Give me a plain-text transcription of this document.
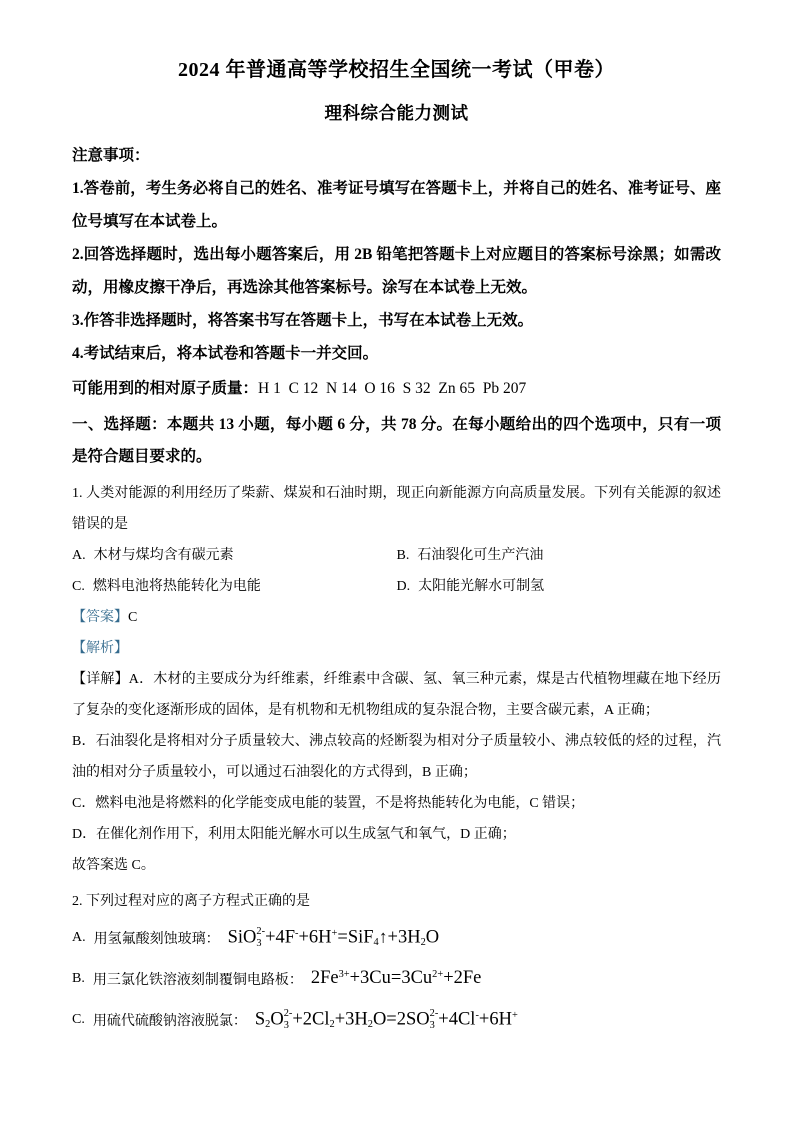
2024 年普通高等学校招生全国统一考试（甲卷）

理科综合能力测试

注意事项：

1.答卷前，考生务必将自己的姓名、准考证号填写在答题卡上，并将自己的姓名、准考证号、座位号填写在本试卷上。

2.回答选择题时，选出每小题答案后，用 2B 铅笔把答题卡上对应题目的答案标号涂黑；如需改动，用橡皮擦干净后，再选涂其他答案标号。涂写在本试卷上无效。

3.作答非选择题时，将答案书写在答题卡上，书写在本试卷上无效。

4.考试结束后，将本试卷和答题卡一并交回。

可能用到的相对原子质量：H 1  C 12  N 14  O 16  S 32  Zn 65  Pb 207

一、选择题：本题共 13 小题，每小题 6 分，共 78 分。在每小题给出的四个选项中，只有一项是符合题目要求的。

1. 人类对能源的利用经历了柴薪、煤炭和石油时期，现正向新能源方向高质量发展。下列有关能源的叙述错误的是

A. 木材与煤均含有碳元素	B. 石油裂化可生产汽油
C. 燃料电池将热能转化为电能	D. 太阳能光解水可制氢

【答案】C

【解析】

【详解】A．木材的主要成分为纤维素，纤维素中含碳、氢、氧三种元素，煤是古代植物埋藏在地下经历了复杂的变化逐渐形成的固体，是有机物和无机物组成的复杂混合物，主要含碳元素，A 正确；

B．石油裂化是将相对分子质量较大、沸点较高的烃断裂为相对分子质量较小、沸点较低的烃的过程，汽油的相对分子质量较小，可以通过石油裂化的方式得到，B 正确；

C．燃料电池是将燃料的化学能变成电能的装置，不是将热能转化为电能，C 错误；

D．在催化剂作用下，利用太阳能光解水可以生成氢气和氧气，D 正确；

故答案选 C。

2. 下列过程对应的离子方程式正确的是

A. 用氢氟酸刻蚀玻璃： SiO 2-
$3 +4F^-+6H^+=SiF_4↑+3H_2O$
B. 用三氯化铁溶液刻制覆铜电路板： $2Fe^{3+}+3Cu=3Cu^{2+}+2Fe$
C. 用硫代硫酸钠溶液脱氯： $S_2O$ 2-
$3 +2Cl_2+3H_2O=2SO$ 2-
3 +4Cl-+6H+
